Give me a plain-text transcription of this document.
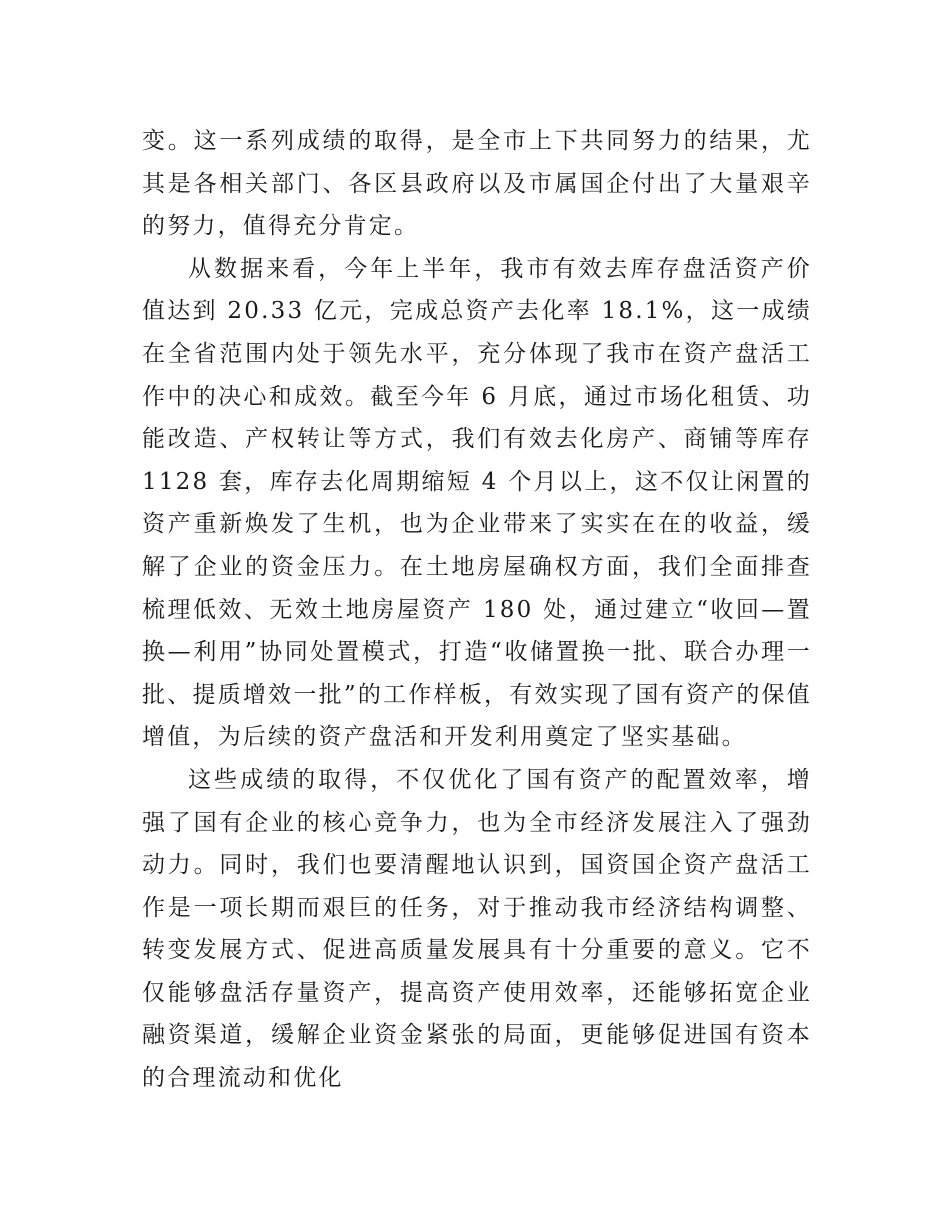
变。这一系列成绩的取得，是全市上下共同努力的结果，尤其是各相关部门、各区县政府以及市属国企付出了大量艰辛的努力，值得充分肯定。

从数据来看，今年上半年，我市有效去库存盘活资产价值达到 20.33 亿元，完成总资产去化率 18.1%，这一成绩在全省范围内处于领先水平，充分体现了我市在资产盘活工作中的决心和成效。截至今年 6 月底，通过市场化租赁、功能改造、产权转让等方式，我们有效去化房产、商铺等库存 1128 套，库存去化周期缩短 4 个月以上，这不仅让闲置的资产重新焕发了生机，也为企业带来了实实在在的收益，缓解了企业的资金压力。在土地房屋确权方面，我们全面排查梳理低效、无效土地房屋资产 180 处，通过建立“收回—置换—利用”协同处置模式，打造“收储置换一批、联合办理一批、提质增效一批”的工作样板，有效实现了国有资产的保值增值，为后续的资产盘活和开发利用奠定了坚实基础。

这些成绩的取得，不仅优化了国有资产的配置效率，增强了国有企业的核心竞争力，也为全市经济发展注入了强劲动力。同时，我们也要清醒地认识到，国资国企资产盘活工作是一项长期而艰巨的任务，对于推动我市经济结构调整、转变发展方式、促进高质量发展具有十分重要的意义。它不仅能够盘活存量资产，提高资产使用效率，还能够拓宽企业融资渠道，缓解企业资金紧张的局面，更能够促进国有资本的合理流动和优化
